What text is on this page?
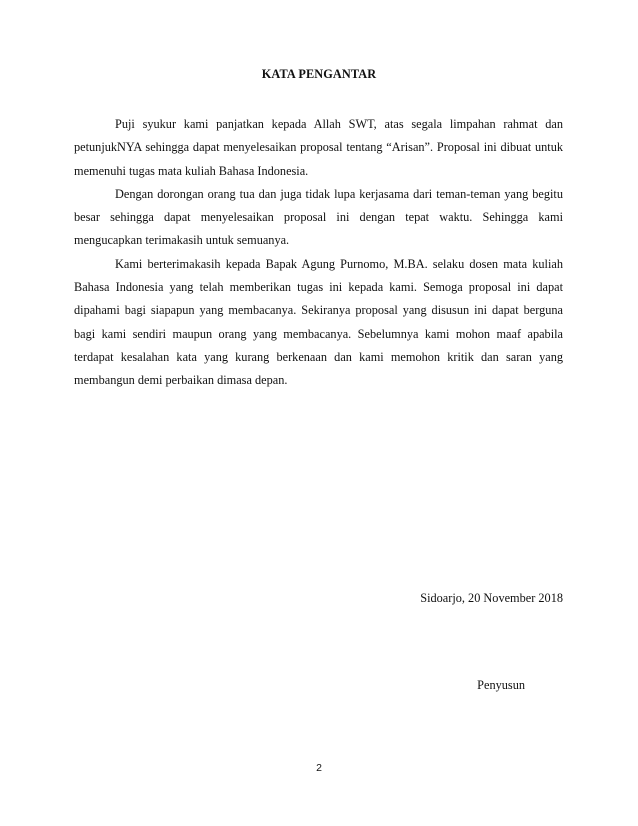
KATA PENGANTAR

Puji syukur kami panjatkan kepada Allah SWT, atas segala limpahan rahmat dan petunjukNYA sehingga dapat menyelesaikan proposal tentang “Arisan”. Proposal ini dibuat untuk memenuhi tugas mata kuliah Bahasa Indonesia.

Dengan dorongan orang tua dan juga tidak lupa kerjasama dari teman-teman yang begitu besar sehingga dapat menyelesaikan proposal ini dengan tepat waktu. Sehingga kami mengucapkan terimakasih untuk semuanya.

Kami berterimakasih kepada Bapak Agung Purnomo, M.BA. selaku dosen mata kuliah Bahasa Indonesia yang telah memberikan tugas ini kepada kami. Semoga proposal ini dapat dipahami bagi siapapun yang membacanya. Sekiranya proposal yang disusun ini dapat berguna bagi kami sendiri maupun orang yang membacanya. Sebelumnya kami mohon maaf apabila terdapat kesalahan kata yang kurang berkenaan dan kami memohon kritik dan saran yang membangun demi perbaikan dimasa depan.

Sidoarjo, 20 November 2018
Penyusun
2
